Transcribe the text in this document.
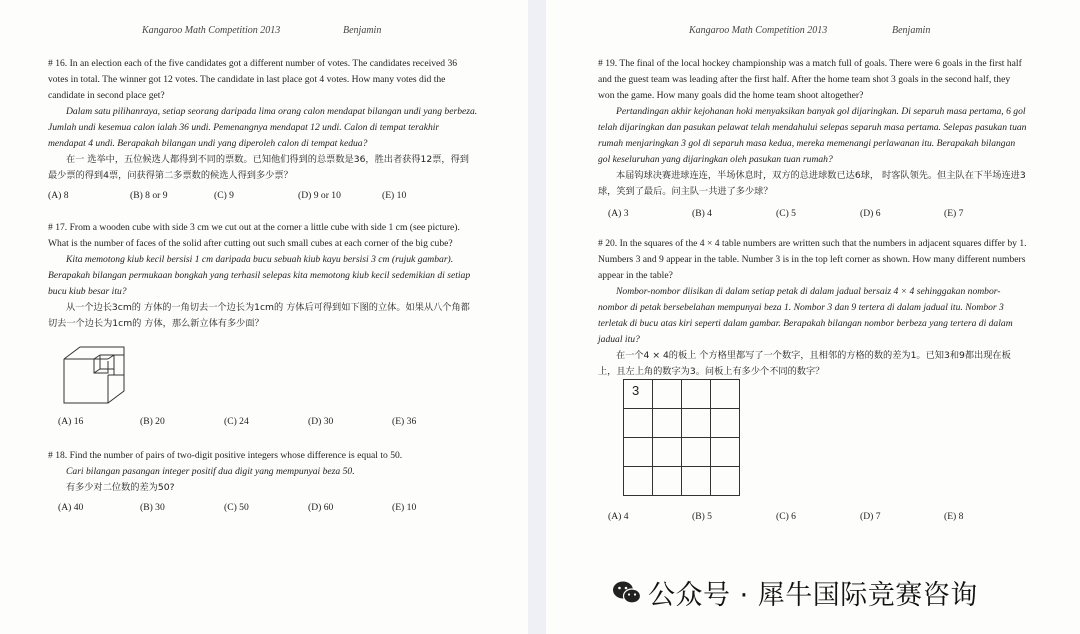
Kangaroo Math Competition 2013	Benjamin

# 16. In an election each of the five candidates got a different number of votes. The candidates received 36 votes in total. The winner got 12 votes. The candidate in last place got 4 votes. How many votes did the candidate in second place get?

Dalam satu pilihanraya, setiap seorang daripada lima orang calon mendapat bilangan undi yang berbeza. Jumlah undi kesemua calon ialah 36 undi. Pemenangnya mendapat 12 undi. Calon di tempat terakhir mendapat 4 undi. Berapakah bilangan undi yang diperoleh calon di tempat kedua?

在一 选举中，五位候选人都得到不同的票数。已知他们得到的总票数是36，胜出者获得12票，得到最少票的得到4票，问获得第二多票数的候选人得到多少票？

(A) 8	(B) 8 or 9	(C) 9	(D) 9 or 10	(E) 10

# 17. From a wooden cube with side 3 cm we cut out at the corner a little cube with side 1 cm (see picture). What is the number of faces of the solid after cutting out such small cubes at each corner of the big cube?

Kita memotong kiub kecil bersisi 1 cm daripada bucu sebuah kiub kayu bersisi 3 cm (rujuk gambar). Berapakah bilangan permukaan bongkah yang terhasil selepas kita memotong kiub kecil sedemikian di setiap bucu kiub besar itu?

从一个边长3cm的 方体的一角切去一个边长为1cm的 方体后可得到如下图的立体。如果从八个角都切去一个边长为1cm的 方体，那么新立体有多少面？

(A) 16	(B) 20	(C) 24	(D) 30	(E) 36

# 18. Find the number of pairs of two-digit positive integers whose difference is equal to 50.

Cari bilangan pasangan integer positif dua digit yang mempunyai beza 50.

有多少对二位数的差为50?

(A) 40	(B) 30	(C) 50	(D) 60	(E) 10
Kangaroo Math Competition 2013	Benjamin

# 19. The final of the local hockey championship was a match full of goals. There were 6 goals in the first half and the guest team was leading after the first half. After the home team shot 3 goals in the second half, they won the game. How many goals did the home team shoot altogether?

Pertandingan akhir kejohanan hoki menyaksikan banyak gol dijaringkan. Di separuh masa pertama, 6 gol telah dijaringkan dan pasukan pelawat telah mendahului selepas separuh masa pertama. Selepas pasukan tuan rumah menjaringkan 3 gol di separuh masa kedua, mereka memenangi perlawanan itu. Berapakah bilangan gol keseluruhan yang dijaringkan oleh pasukan tuan rumah?

本届钩球决赛进球连连，半场休息时，双方的总进球数已达6球， 时客队领先。但主队在下半场连进3球，笑到了最后。问主队一共进了多少球？

(A) 3	(B) 4	(C) 5	(D) 6	(E) 7

# 20. In the squares of the 4 × 4 table numbers are written such that the numbers in adjacent squares differ by 1. Numbers 3 and 9 appear in the table. Number 3 is in the top left corner as shown. How many different numbers appear in the table?

Nombor-nombor diisikan di dalam setiap petak di dalam jadual bersaiz 4 × 4 sehinggakan nombor-nombor di petak bersebelahan mempunyai beza 1. Nombor 3 dan 9 tertera di dalam jadual itu. Nombor 3 terletak di bucu atas kiri seperti dalam gambar. Berapakah bilangan nombor berbeza yang tertera di dalam jadual itu?

在一个4 × 4的板上 个方格里都写了一个数字，且相邻的方格的数的差为1。已知3和9都出现在板上，且左上角的数字为3。问板上有多少个不同的数字？

3			

(A) 4	(B) 5	(C) 6	(D) 7	(E) 8
公众号 · 犀牛国际竞赛咨询
